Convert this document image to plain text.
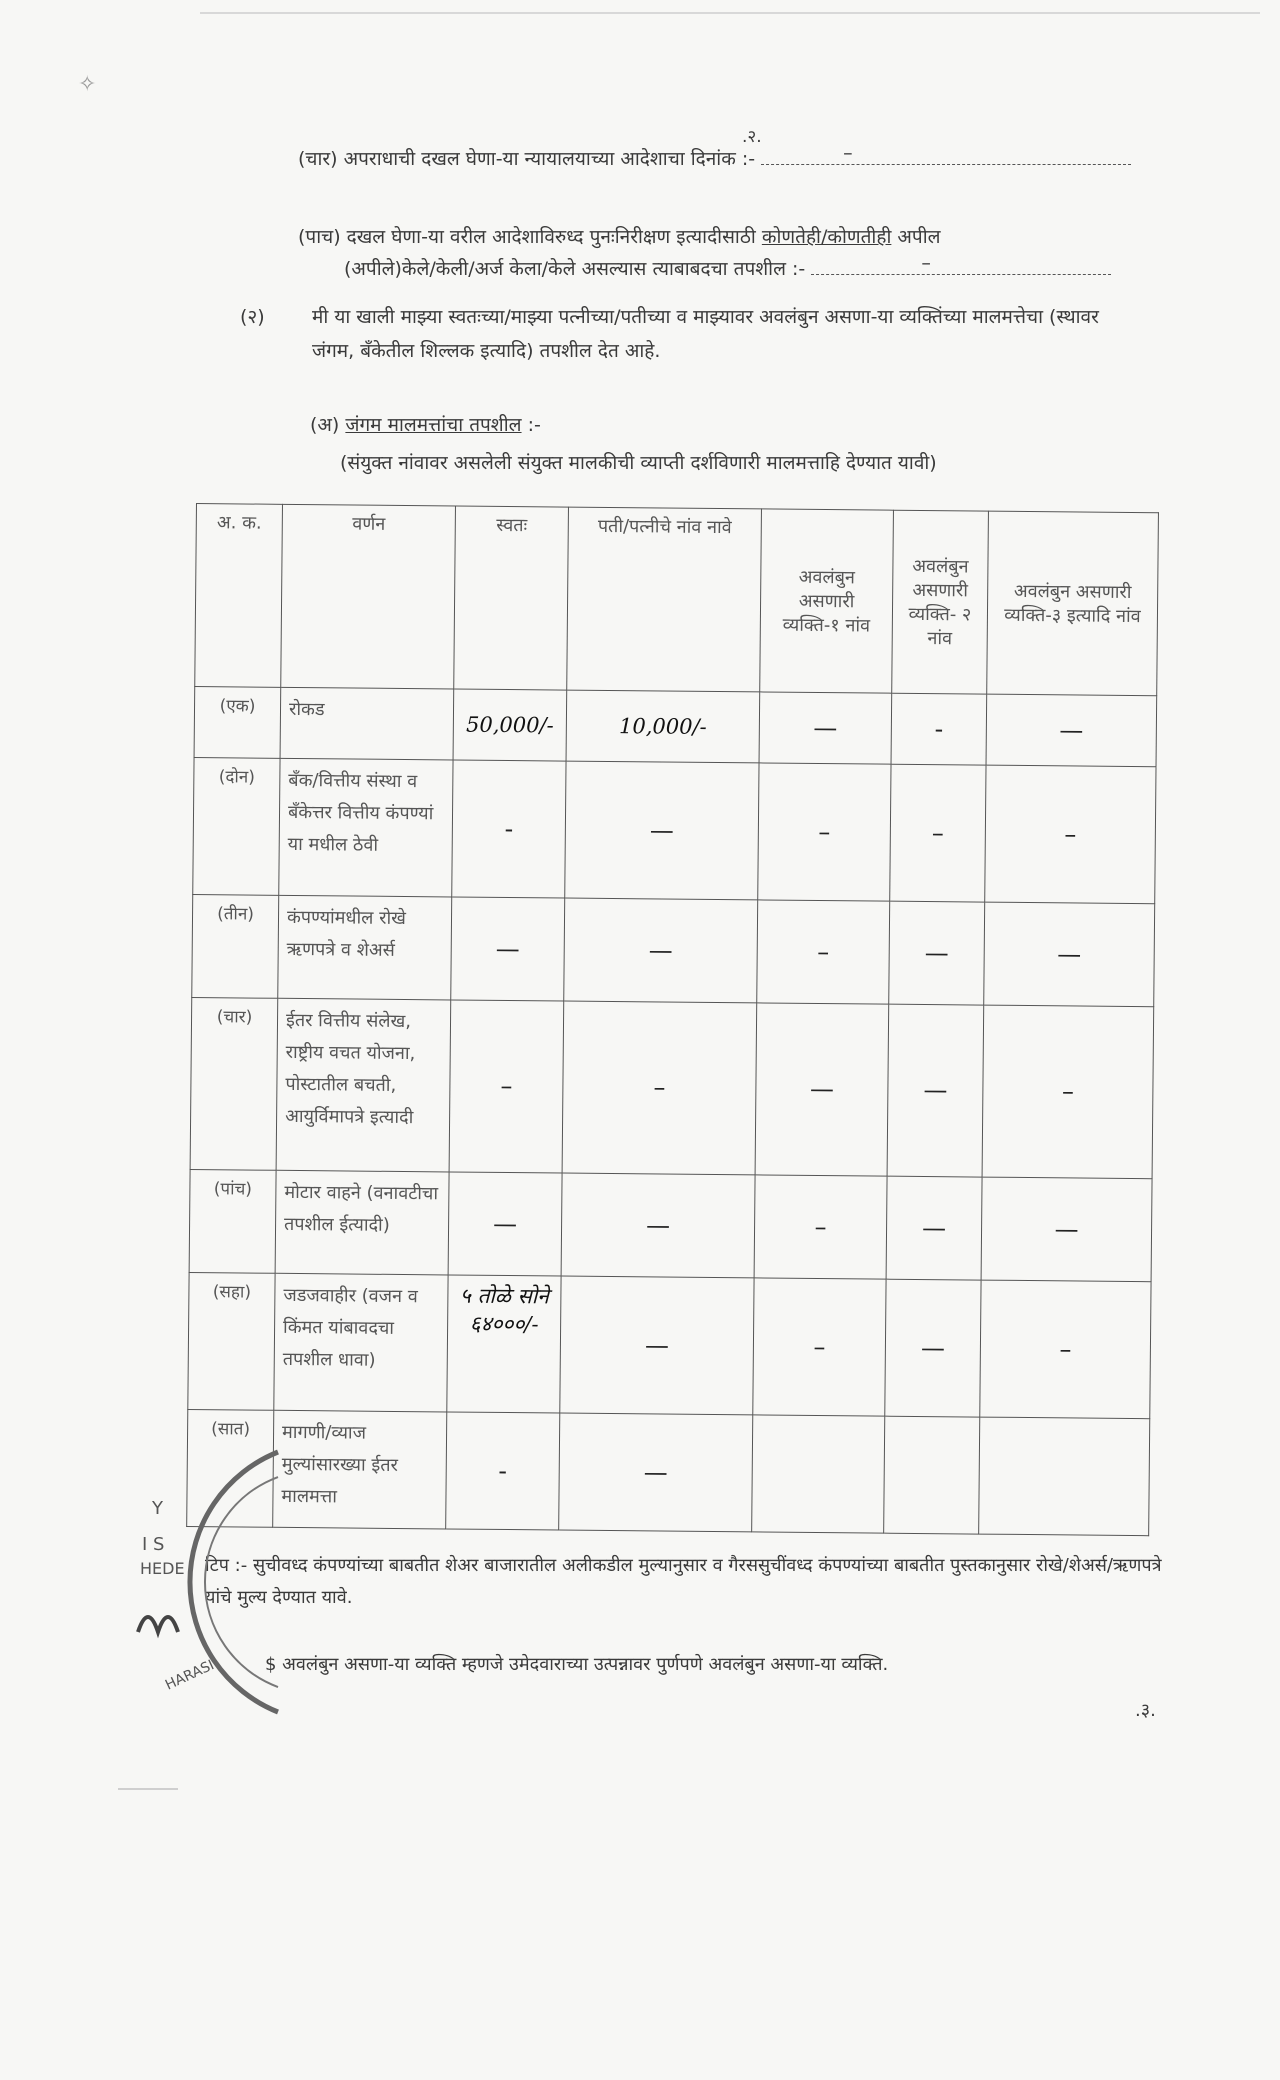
✧
.२.
(चार) अपराधाची दखल घेणा-या न्यायालयाच्या आदेशाचा दिनांक :-	–
(पाच) दखल घेणा-या वरील आदेशाविरुध्द पुनःनिरीक्षण इत्यादीसाठी कोणतेही/कोणतीही अपील
(अपीले)केले/केली/अर्ज केला/केले असल्यास त्याबाबदचा तपशील :-	–
(२) मी या खाली माझ्या स्वतःच्या/माझ्या पत्नीच्या/पतीच्या व माझ्यावर अवलंबुन असणा-या व्यक्तिंच्या मालमत्तेचा (स्थावर जंगम, बँकेतील शिल्लक इत्यादि) तपशील देत आहे.
(अ) जंगम मालमत्तांचा तपशील :-
(संयुक्त नांवावर असलेली संयुक्त मालकीची व्याप्ती दर्शविणारी मालमत्ताहि देण्यात यावी)
अ. क.	वर्णन	स्वतः	पती/पत्नीचे नांव नावे	अवलंबुन असणारी व्यक्ति-१ नांव	अवलंबुन असणारी व्यक्ति- २ नांव	अवलंबुन असणारी व्यक्ति-३ इत्यादि नांव
(एक)	रोकड	50,000/-	10,000/-	—	-	—
(दोन)	बँक/वित्तीय संस्था व बँकेत्तर वित्तीय कंपण्यां या मधील ठेवी	-	—	–	–	–
(तीन)	कंपण्यांमधील रोखे ऋणपत्रे व शेअर्स	—	—	–	—	—
(चार)	ईतर वित्तीय संलेख, राष्ट्रीय वचत योजना, पोस्टातील बचती, आयुर्विमापत्रे इत्यादी	–	–	—	—	–
(पांच)	मोटार वाहने (वनावटीचा तपशील ईत्यादी)	—	—	–	—	—
(सहा)	जडजवाहीर (वजन व किंमत यांबावदचा तपशील धावा)	५ तोळे सोने ६४०००/-	—	–	—	–
(सात)	मागणी/व्याज मुल्यांसारख्या ईतर मालमत्ता	-	—			
टिप :- सुचीवध्द कंपण्यांच्या बाबतीत शेअर बाजारातील अलीकडील मुल्यानुसार व गैरससुचींवध्द कंपण्यांच्या बाबतीत पुस्तकानुसार रोखे/शेअर्स/ऋणपत्रे यांचे मुल्य देण्यात यावे.
$ अवलंबुन असणा-या व्यक्ति म्हणजे उमेदवाराच्या उत्पन्नावर पुर्णपणे अवलंबुन असणा-या व्यक्ति.
.३.
Y
I S
HEDE
HARASI
